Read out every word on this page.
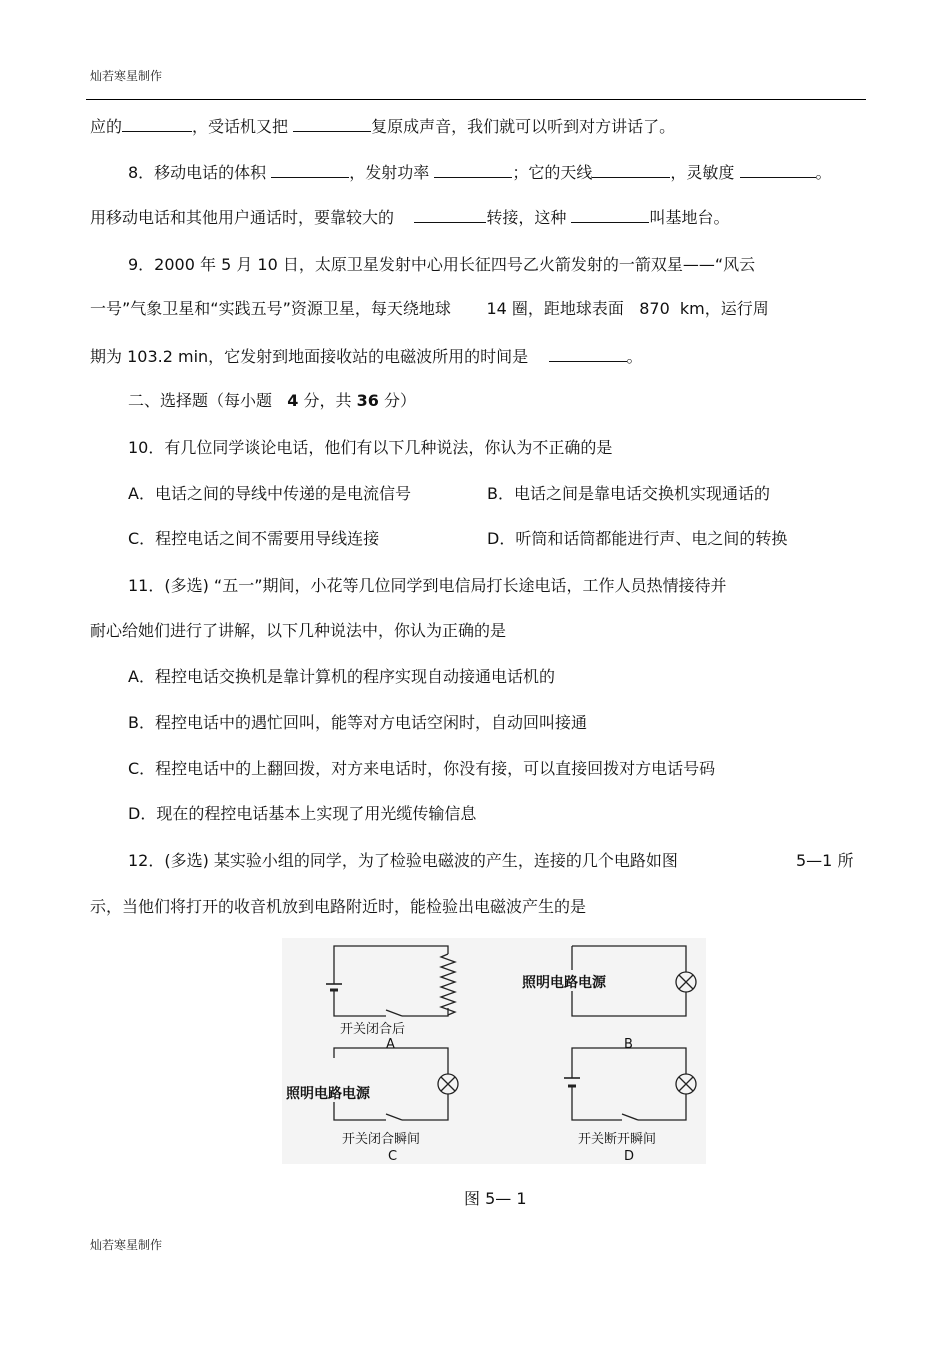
灿若寒星制作
应的	，受话机又把	复原成声音，我们就可以听到对方讲话了。
8．移动电话的体积	，发射功率	；它的天线	，灵敏度	。
用移动电话和其他用户通话时，要靠较大的	转接，这种	叫基地台。
9．2000 年 5 月 10 日，太原卫星发射中心用长征四号乙火箭发射的一箭双星——“风云
一号”气象卫星和“实践五号”资源卫星，每天绕地球 14 圈，距地球表面 870  km，运行周
期为 103.2 min，它发射到地面接收站的电磁波所用的时间是	。
二、选择题（每小题 4 分，共 36 分）
10．有几位同学谈论电话，他们有以下几种说法，你认为不正确的是
A．电话之间的导线中传递的是电流信号	B．电话之间是靠电话交换机实现通话的
C．程控电话之间不需要用导线连接	D．听筒和话筒都能进行声、电之间的转换
11．(多选) “五一”期间，小花等几位同学到电信局打长途电话，工作人员热情接待并
耐心给她们进行了讲解，以下几种说法中，你认为正确的是
A．程控电话交换机是靠计算机的程序实现自动接通电话机的
B．程控电话中的遇忙回叫，能等对方电话空闲时，自动回叫接通
C．程控电话中的上翻回拨，对方来电话时，你没有接，可以直接回拨对方电话号码
D．现在的程控电话基本上实现了用光缆传输信息
12．(多选) 某实验小组的同学，为了检验电磁波的产生，连接的几个电路如图	5—1 所
示，当他们将打开的收音机放到电路附近时，能检验出电磁波产生的是
开关闭合后
A
照明电路电源
B
照明电路电源
开关闭合瞬间
C
开关断开瞬间
D
图 5— 1
灿若寒星制作
